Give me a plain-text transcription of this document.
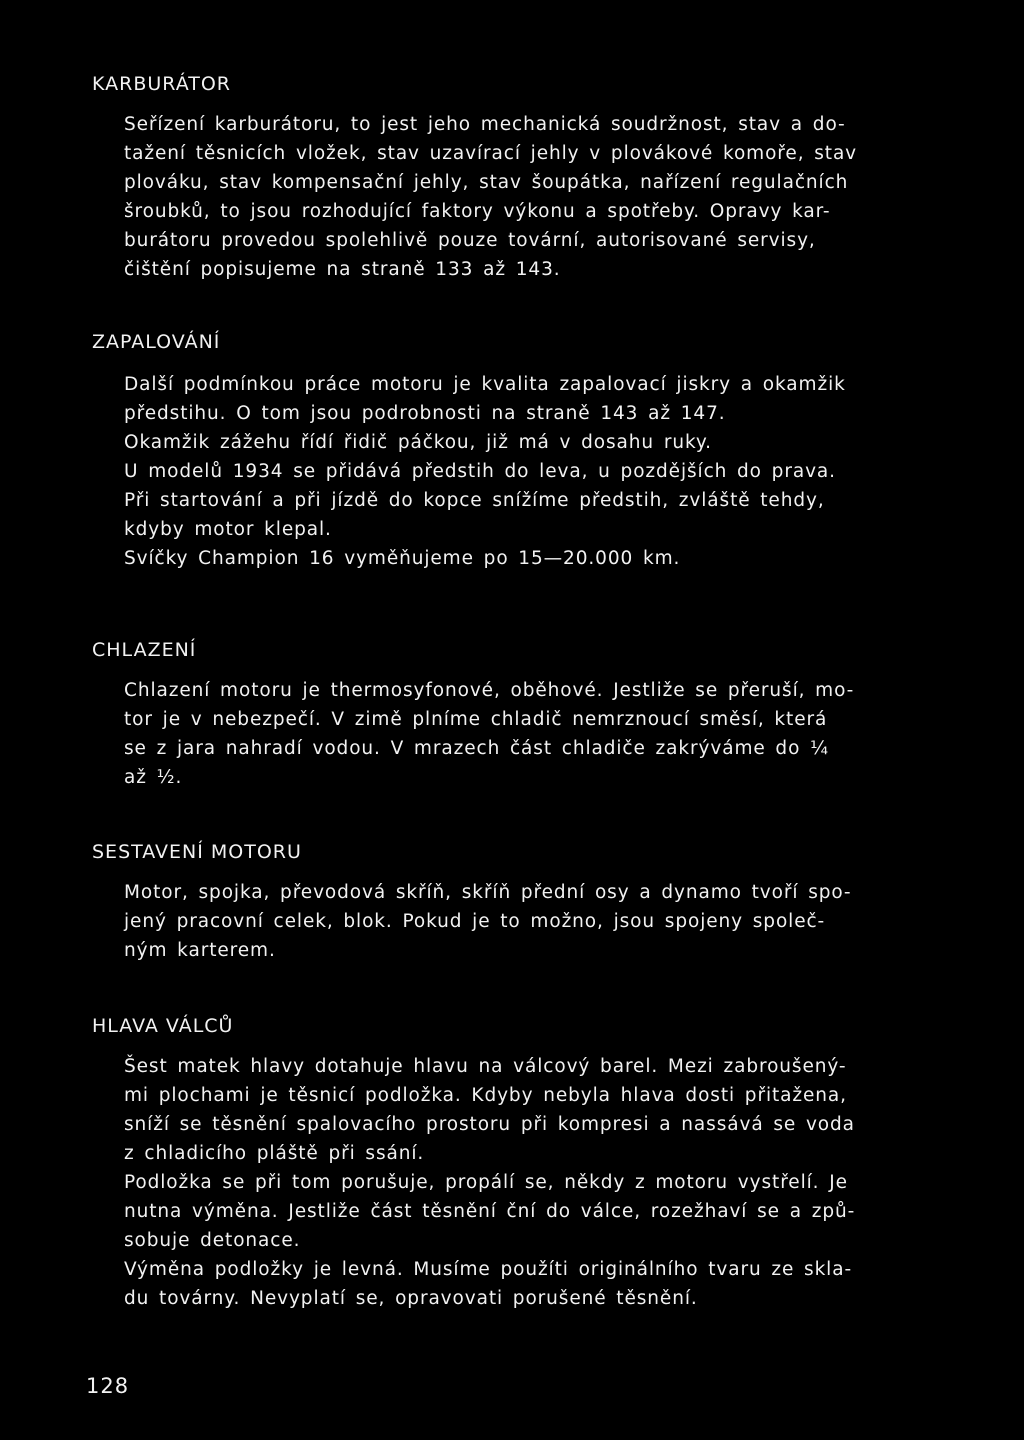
KARBURÁTOR
Seřízení karburátoru, to jest jeho mechanická soudržnost, stav a do-
tažení těsnicích vložek, stav uzavírací jehly v plovákové komoře, stav
plováku, stav kompensační jehly, stav šoupátka, nařízení regulačních
šroubků, to jsou rozhodující faktory výkonu a spotřeby. Opravy kar-
burátoru provedou spolehlivě pouze tovární, autorisované servisy,
čištění popisujeme na straně 133 až 143.
ZAPALOVÁNÍ
Další podmínkou práce motoru je kvalita zapalovací jiskry a okamžik
předstihu. O tom jsou podrobnosti na straně 143 až 147.
Okamžik zážehu řídí řidič páčkou, již má v dosahu ruky.
U modelů 1934 se přidává předstih do leva, u pozdějších do prava.
Při startování a při jízdě do kopce snížíme předstih, zvláště tehdy,
kdyby motor klepal.
Svíčky Champion 16 vyměňujeme po 15—20.000 km.
CHLAZENÍ
Chlazení motoru je thermosyfonové, oběhové. Jestliže se přeruší, mo-
tor je v nebezpečí. V zimě plníme chladič nemrznoucí směsí, která
se z jara nahradí vodou. V mrazech část chladiče zakrýváme do ¼
až ½.
SESTAVENÍ MOTORU
Motor, spojka, převodová skříň, skříň přední osy a dynamo tvoří spo-
jený pracovní celek, blok. Pokud je to možno, jsou spojeny společ-
ným karterem.
HLAVA VÁLCŮ
Šest matek hlavy dotahuje hlavu na válcový barel. Mezi zabroušený-
mi plochami je těsnicí podložka. Kdyby nebyla hlava dosti přitažena,
sníží se těsnění spalovacího prostoru při kompresi a nassává se voda
z chladicího pláště při ssání.
Podložka se při tom porušuje, propálí se, někdy z motoru vystřelí. Je
nutna výměna. Jestliže část těsnění ční do válce, rozežhaví se a způ-
sobuje detonace.
Výměna podložky je levná. Musíme použíti originálního tvaru ze skla-
du továrny. Nevyplatí se, opravovati porušené těsnění.
128
